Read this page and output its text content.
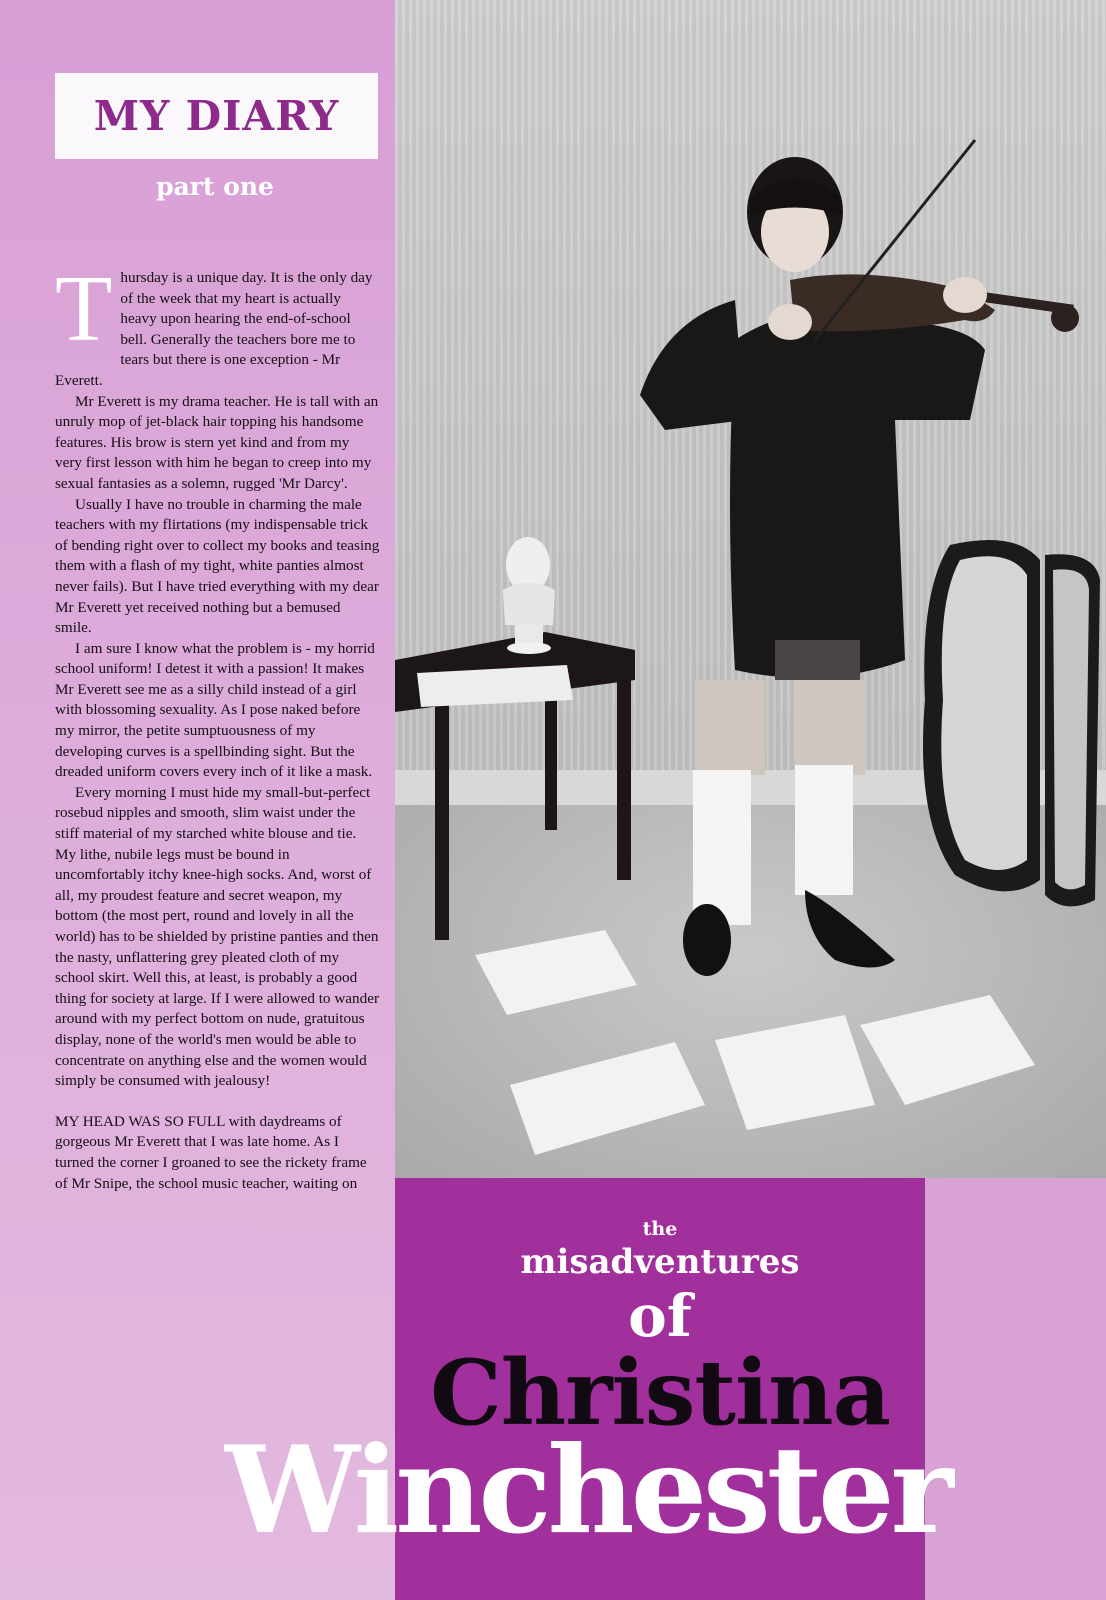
MY DIARY
part one

Thursday is a unique day. It is the only day of the week that my heart is actually heavy upon hearing the end-of-school bell. Generally the teachers bore me to tears but there is one exception - Mr Everett.

Mr Everett is my drama teacher. He is tall with an unruly mop of jet-black hair topping his handsome features. His brow is stern yet kind and from my very first lesson with him he began to creep into my sexual fantasies as a solemn, rugged 'Mr Darcy'.

Usually I have no trouble in charming the male teachers with my flirtations (my indispensable trick of bending right over to collect my books and teasing them with a flash of my tight, white panties almost never fails). But I have tried everything with my dear Mr Everett yet received nothing but a bemused smile.

I am sure I know what the problem is - my horrid school uniform! I detest it with a passion! It makes Mr Everett see me as a silly child instead of a girl with blossoming sexuality. As I pose naked before my mirror, the petite sumptuousness of my developing curves is a spellbinding sight. But the dreaded uniform covers every inch of it like a mask.

Every morning I must hide my small-but-perfect rosebud nipples and smooth, slim waist under the stiff material of my starched white blouse and tie. My lithe, nubile legs must be bound in uncomfortably itchy knee-high socks. And, worst of all, my proudest feature and secret weapon, my bottom (the most pert, round and lovely in all the world) has to be shielded by pristine panties and then the nasty, unflattering grey pleated cloth of my school skirt. Well this, at least, is probably a good thing for society at large. If I were allowed to wander around with my perfect bottom on nude, gratuitous display, none of the world's men would be able to concentrate on anything else and the women would simply be consumed with jealousy!

MY HEAD WAS SO FULL with daydreams of gorgeous Mr Everett that I was late home. As I turned the corner I groaned to see the rickety frame of Mr Snipe, the school music teacher, waiting on

the
misadventures
of
Christina
Winchester
